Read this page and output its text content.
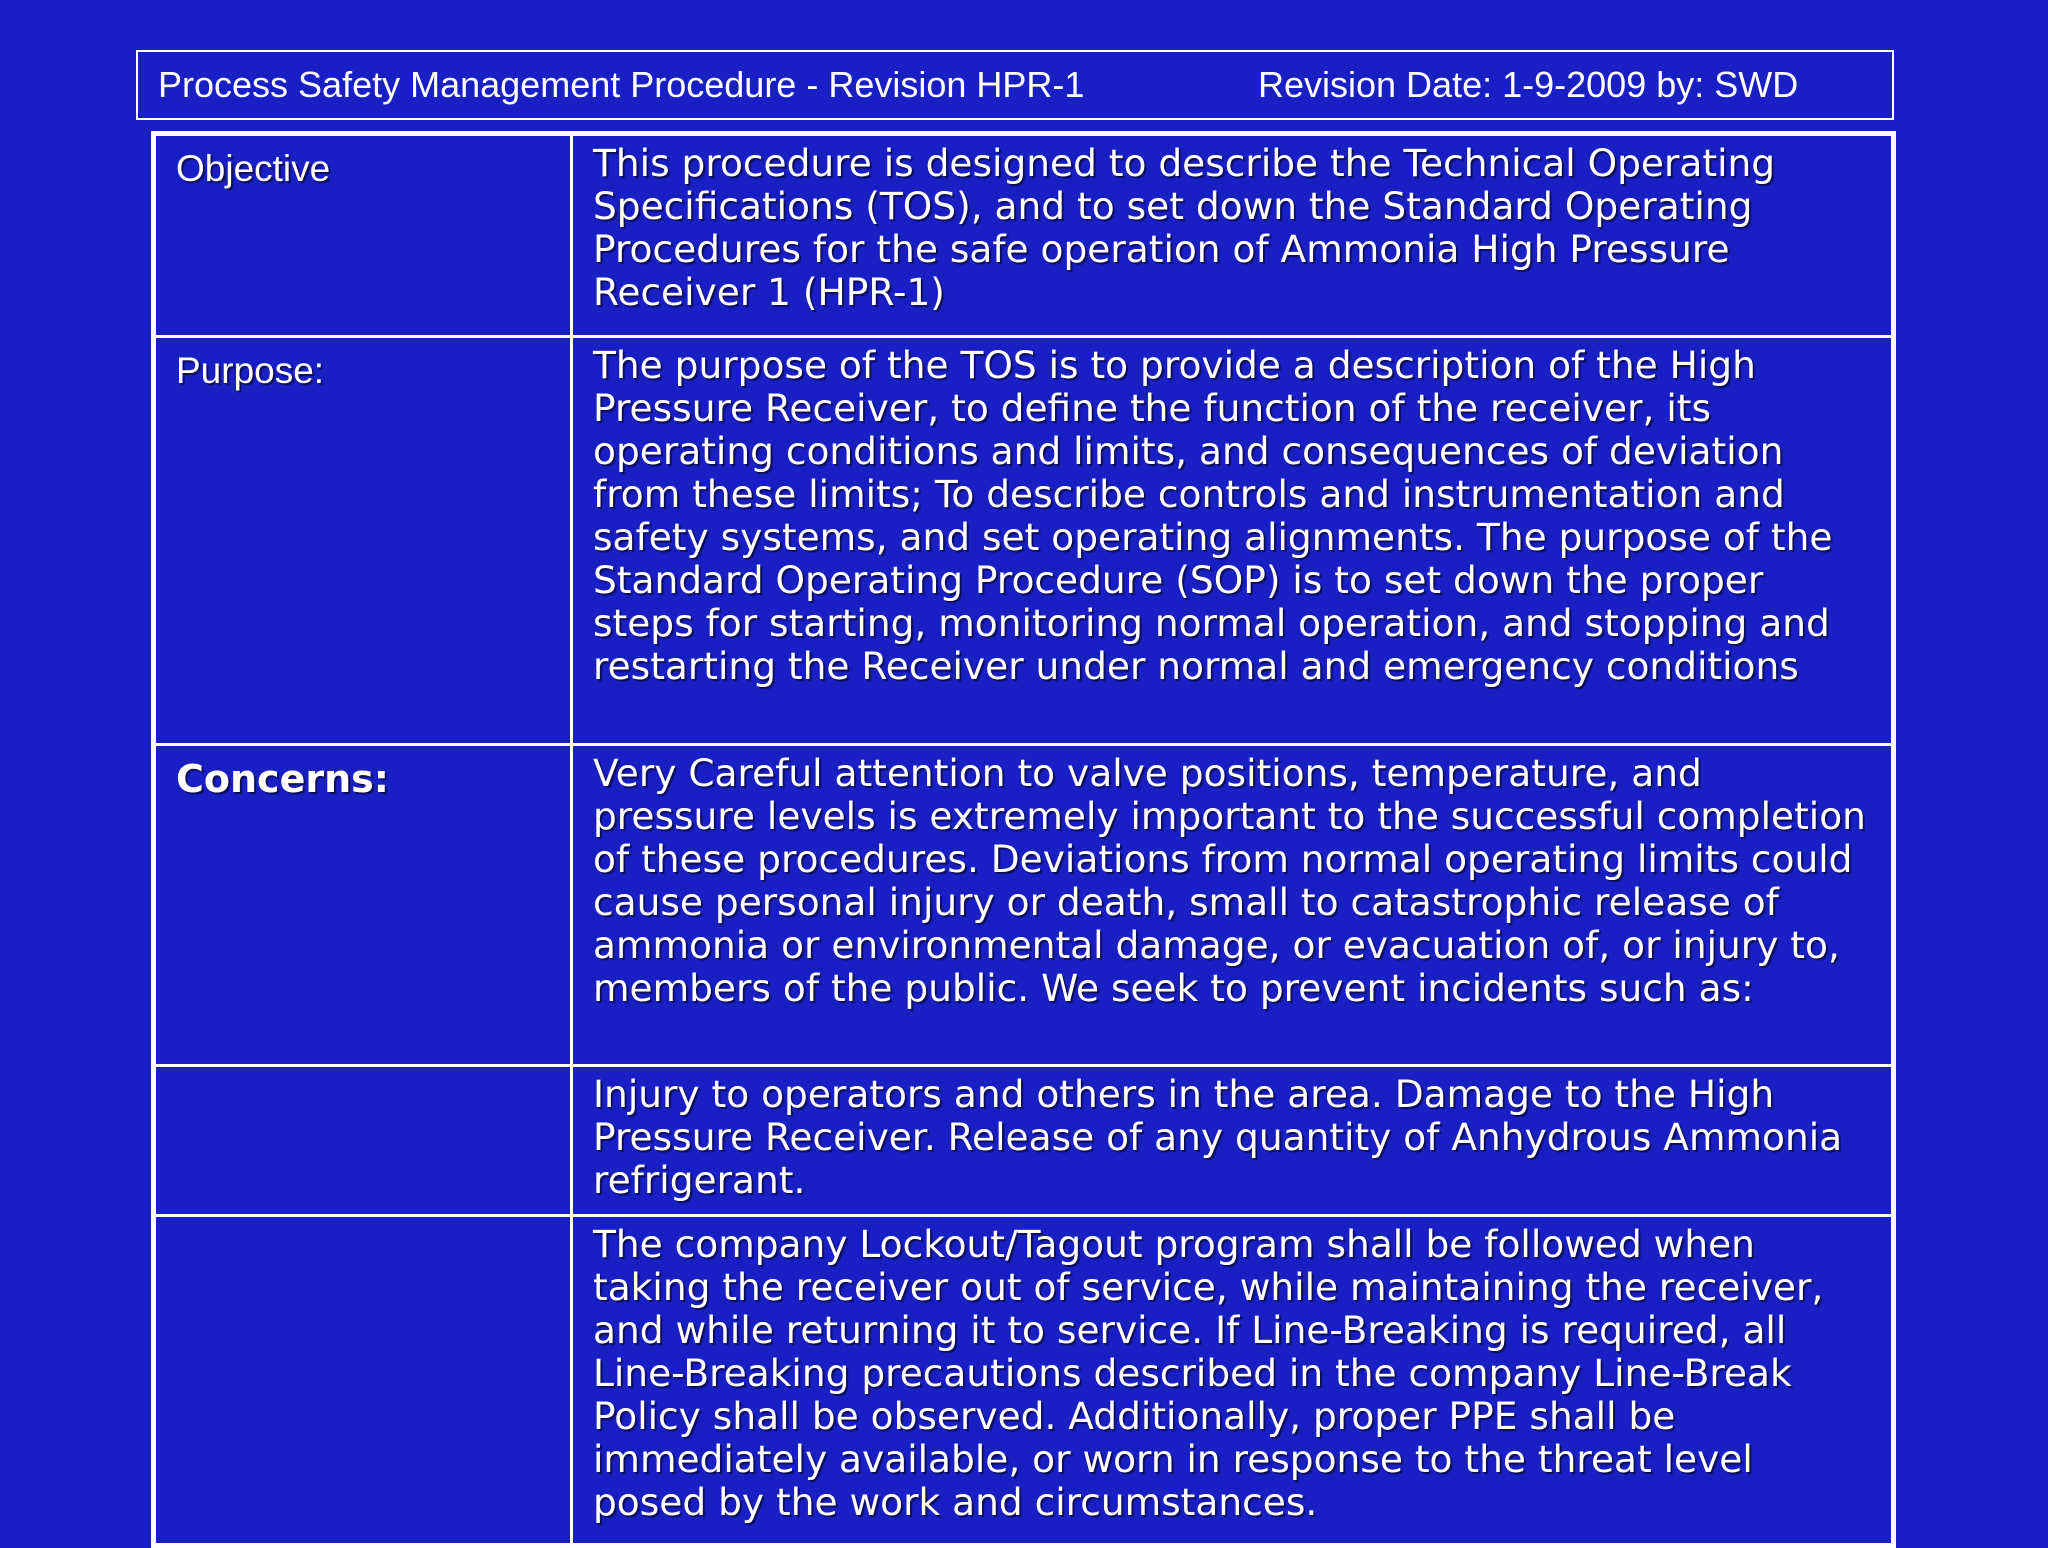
Process Safety Management Procedure - Revision HPR-1	Revision Date: 1-9-2009 by: SWD
Objective	This procedure is designed to describe the Technical Operating Specifications (TOS), and to set down the Standard Operating Procedures for the safe operation of Ammonia High Pressure Receiver 1 (HPR-1)
Purpose:	The purpose of the TOS is to provide a description of the High Pressure Receiver, to define the function of the receiver, its operating conditions and limits, and consequences of deviation from these limits; To describe controls and instrumentation and safety systems, and set operating alignments. The purpose of the Standard Operating Procedure (SOP) is to set down the proper steps for starting, monitoring normal operation, and stopping and restarting the Receiver under normal and emergency conditions
Concerns:	Very Careful attention to valve positions, temperature, and pressure levels is extremely important to the successful completion of these procedures. Deviations from normal operating limits could cause personal injury or death, small to catastrophic release of ammonia or environmental damage, or evacuation of, or injury to, members of the public. We seek to prevent incidents such as:
	Injury to operators and others in the area. Damage to the High Pressure Receiver. Release of any quantity of Anhydrous Ammonia refrigerant.
	The company Lockout/Tagout program shall be followed when taking the receiver out of service, while maintaining the receiver, and while returning it to service. If Line-Breaking is required, all Line-Breaking precautions described in the company Line-Break Policy shall be observed. Additionally, proper PPE shall be immediately available, or worn in response to the threat level posed by the work and circumstances.
